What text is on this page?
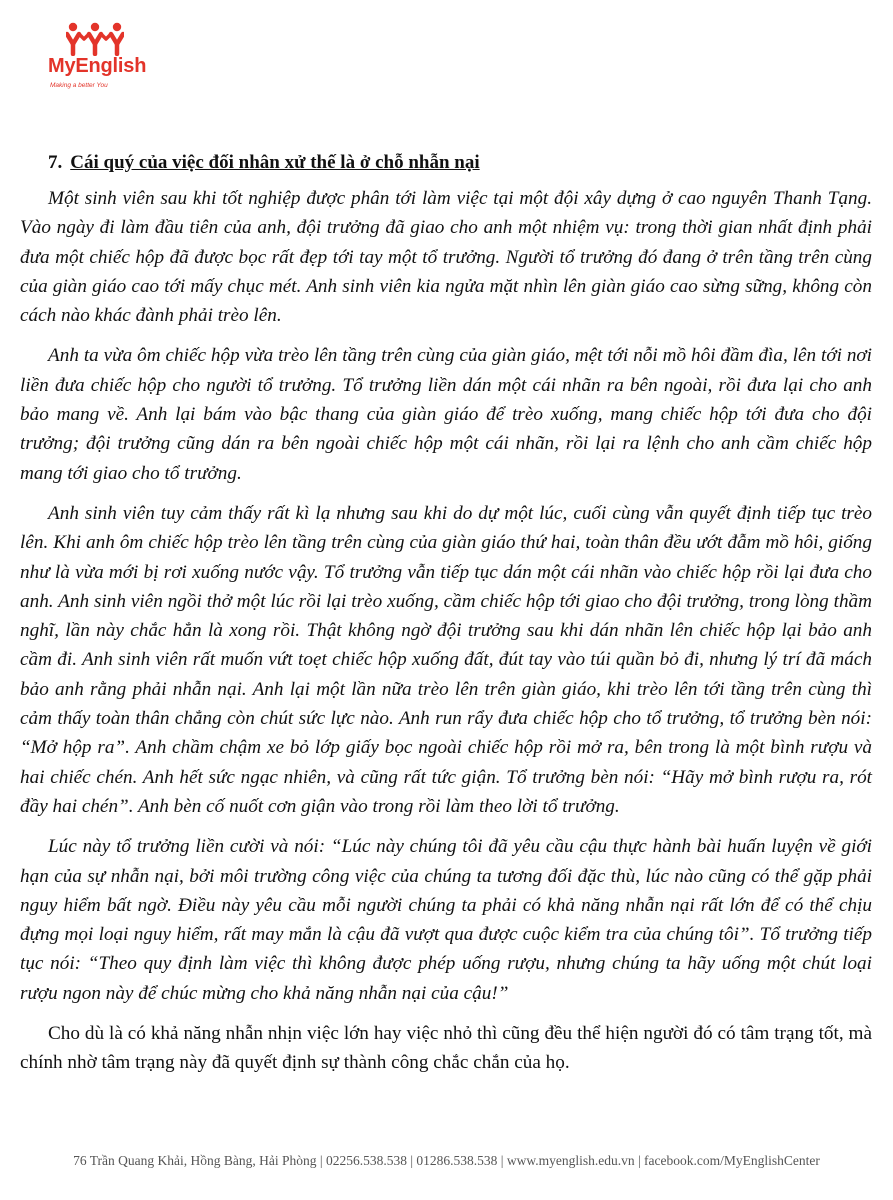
MyEnglish
Making a better You
7. Cái quý của việc đối nhân xử thế là ở chỗ nhẫn nại

Một sinh viên sau khi tốt nghiệp được phân tới làm việc tại một đội xây dựng ở cao nguyên Thanh Tạng. Vào ngày đi làm đầu tiên của anh, đội trưởng đã giao cho anh một nhiệm vụ: trong thời gian nhất định phải đưa một chiếc hộp đã được bọc rất đẹp tới tay một tổ trưởng. Người tổ trưởng đó đang ở trên tầng trên cùng của giàn giáo cao tới mấy chục mét. Anh sinh viên kia ngửa mặt nhìn lên giàn giáo cao sừng sững, không còn cách nào khác đành phải trèo lên.

Anh ta vừa ôm chiếc hộp vừa trèo lên tầng trên cùng của giàn giáo, mệt tới nỗi mồ hôi đầm đìa, lên tới nơi liền đưa chiếc hộp cho người tổ trưởng. Tổ trưởng liền dán một cái nhãn ra bên ngoài, rồi đưa lại cho anh bảo mang về. Anh lại bám vào bậc thang của giàn giáo để trèo xuống, mang chiếc hộp tới đưa cho đội trưởng; đội trưởng cũng dán ra bên ngoài chiếc hộp một cái nhãn, rồi lại ra lệnh cho anh cầm chiếc hộp mang tới giao cho tổ trưởng.

Anh sinh viên tuy cảm thấy rất kì lạ nhưng sau khi do dự một lúc, cuối cùng vẫn quyết định tiếp tục trèo lên. Khi anh ôm chiếc hộp trèo lên tầng trên cùng của giàn giáo thứ hai, toàn thân đều ướt đẫm mồ hôi, giống như là vừa mới bị rơi xuống nước vậy. Tổ trưởng vẫn tiếp tục dán một cái nhãn vào chiếc hộp rồi lại đưa cho anh. Anh sinh viên ngồi thở một lúc rồi lại trèo xuống, cầm chiếc hộp tới giao cho đội trưởng, trong lòng thầm nghĩ, lần này chắc hẳn là xong rồi. Thật không ngờ đội trưởng sau khi dán nhãn lên chiếc hộp lại bảo anh cầm đi. Anh sinh viên rất muốn vứt toẹt chiếc hộp xuống đất, đút tay vào túi quần bỏ đi, nhưng lý trí đã mách bảo anh rằng phải nhẫn nại. Anh lại một lần nữa trèo lên trên giàn giáo, khi trèo lên tới tầng trên cùng thì cảm thấy toàn thân chẳng còn chút sức lực nào. Anh run rẩy đưa chiếc hộp cho tổ trưởng, tổ trưởng bèn nói: “Mở hộp ra”. Anh chầm chậm xe bỏ lớp giấy bọc ngoài chiếc hộp rồi mở ra, bên trong là một bình rượu và hai chiếc chén. Anh hết sức ngạc nhiên, và cũng rất tức giận. Tổ trưởng bèn nói: “Hãy mở bình rượu ra, rót đầy hai chén”. Anh bèn cố nuốt cơn giận vào trong rồi làm theo lời tổ trưởng.

Lúc này tổ trưởng liền cười và nói: “Lúc này chúng tôi đã yêu cầu cậu thực hành bài huấn luyện về giới hạn của sự nhẫn nại, bởi môi trường công việc của chúng ta tương đối đặc thù, lúc nào cũng có thể gặp phải nguy hiểm bất ngờ. Điều này yêu cầu mỗi người chúng ta phải có khả năng nhẫn nại rất lớn để có thể chịu đựng mọi loại nguy hiểm, rất may mắn là cậu đã vượt qua được cuộc kiểm tra của chúng tôi”. Tổ trưởng tiếp tục nói: “Theo quy định làm việc thì không được phép uống rượu, nhưng chúng ta hãy uống một chút loại rượu ngon này để chúc mừng cho khả năng nhẫn nại của cậu!”

Cho dù là có khả năng nhẫn nhịn việc lớn hay việc nhỏ thì cũng đều thể hiện người đó có tâm trạng tốt, mà chính nhờ tâm trạng này đã quyết định sự thành công chắc chắn của họ.

76 Trần Quang Khải, Hồng Bàng, Hải Phòng | 02256.538.538 | 01286.538.538 | www.myenglish.edu.vn | facebook.com/MyEnglishCenter
